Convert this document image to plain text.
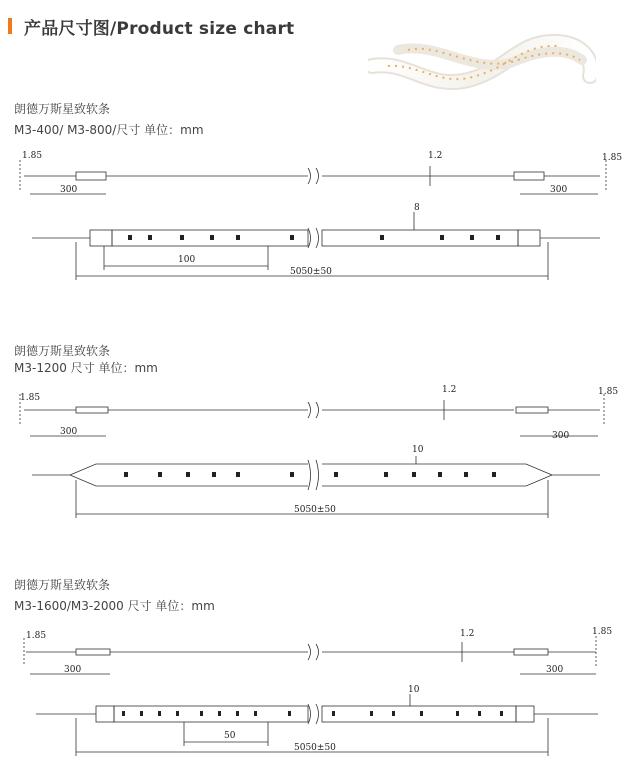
产品尺寸图/Product size chart
朗德万斯星致软条
M3-400/ M3-800/尺寸 单位：mm
1.85	1.2	1.85
300	300
8
100
5050±50
朗德万斯星致软条
M3-1200 尺寸 单位：mm
1.85
1.2	1.85
300	300
10
5050±50
朗德万斯星致软条
M3-1600/M3-2000 尺寸 单位：mm
1.85	1.2	1.85
300	300
10
50
5050±50
